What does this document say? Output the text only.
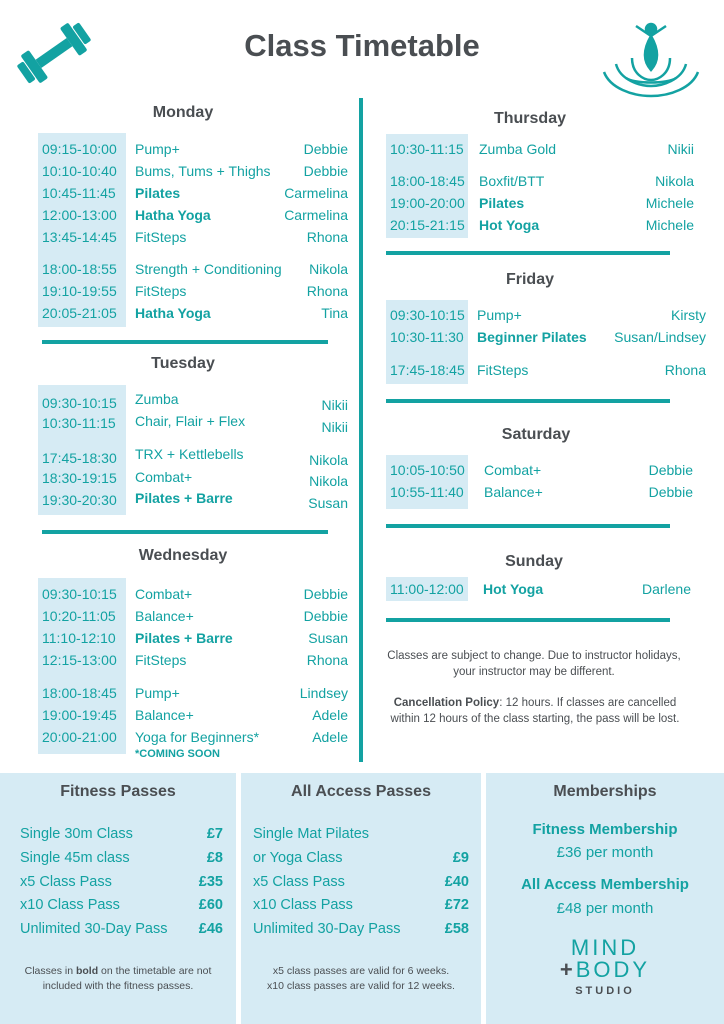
Class Timetable
Monday
09:15-10:00 Pump+	Debbie
10:10-10:40 Bums, Tums + Thighs Debbie
10:45-11:45 Pilates	Carmelina
12:00-13:00 Hatha Yoga	Carmelina
13:45-14:45 FitSteps	Rhona
18:00-18:55 Strength + Conditioning Nikola
19:10-19:55 FitSteps	Rhona
20:05-21:05 Hatha Yoga	Tina
Tuesday
09:30-10:15 Zumba	Nikii
10:30-11:15 Chair, Flair + Flex	Nikii
17:45-18:30 TRX + Kettlebells	Nikola
18:30-19:15 Combat+	Nikola
19:30-20:30 Pilates + Barre	Susan
Wednesday
09:30-10:15 Combat+	Debbie
10:20-11:05 Balance+	Debbie
11:10-12:10 Pilates + Barre	Susan
12:15-13:00 FitSteps	Rhona
18:00-18:45 Pump+	Lindsey
19:00-19:45 Balance+	Adele
20:00-21:00 Yoga for Beginners*	Adele
*COMING SOON
Thursday
10:30-11:15 Zumba Gold	Nikii
18:00-18:45 Boxfit/BTT	Nikola
19:00-20:00 Pilates	Michele
20:15-21:15 Hot Yoga	Michele
Friday
09:30-10:15 Pump+	Kirsty
10:30-11:30 Beginner Pilates Susan/Lindsey
17:45-18:45 FitSteps	Rhona
Saturday
10:05-10:50 Combat+	Debbie
10:55-11:40 Balance+	Debbie
Sunday
11:00-12:00 Hot Yoga	Darlene
Classes are subject to change. Due to instructor holidays, your instructor may be different.
Cancellation Policy: 12 hours. If classes are cancelled within 12 hours of the class starting, the pass will be lost.
Fitness Passes
Single 30m Class	£7
Single 45m class	£8
x5 Class Pass	£35
x10 Class Pass	£60
Unlimited 30-Day Pass £46
Classes in bold on the timetable are not included with the fitness passes.
All Access Passes
Single Mat Pilates
or Yoga Class	£9
x5 Class Pass	£40
x10 Class Pass	£72
Unlimited 30-Day Pass	£58
x5 class passes are valid for 6 weeks.
x10 class passes are valid for 12 weeks.
Memberships
Fitness Membership
£36 per month
All Access Membership
£48 per month
MIND
+BODY
STUDIO
